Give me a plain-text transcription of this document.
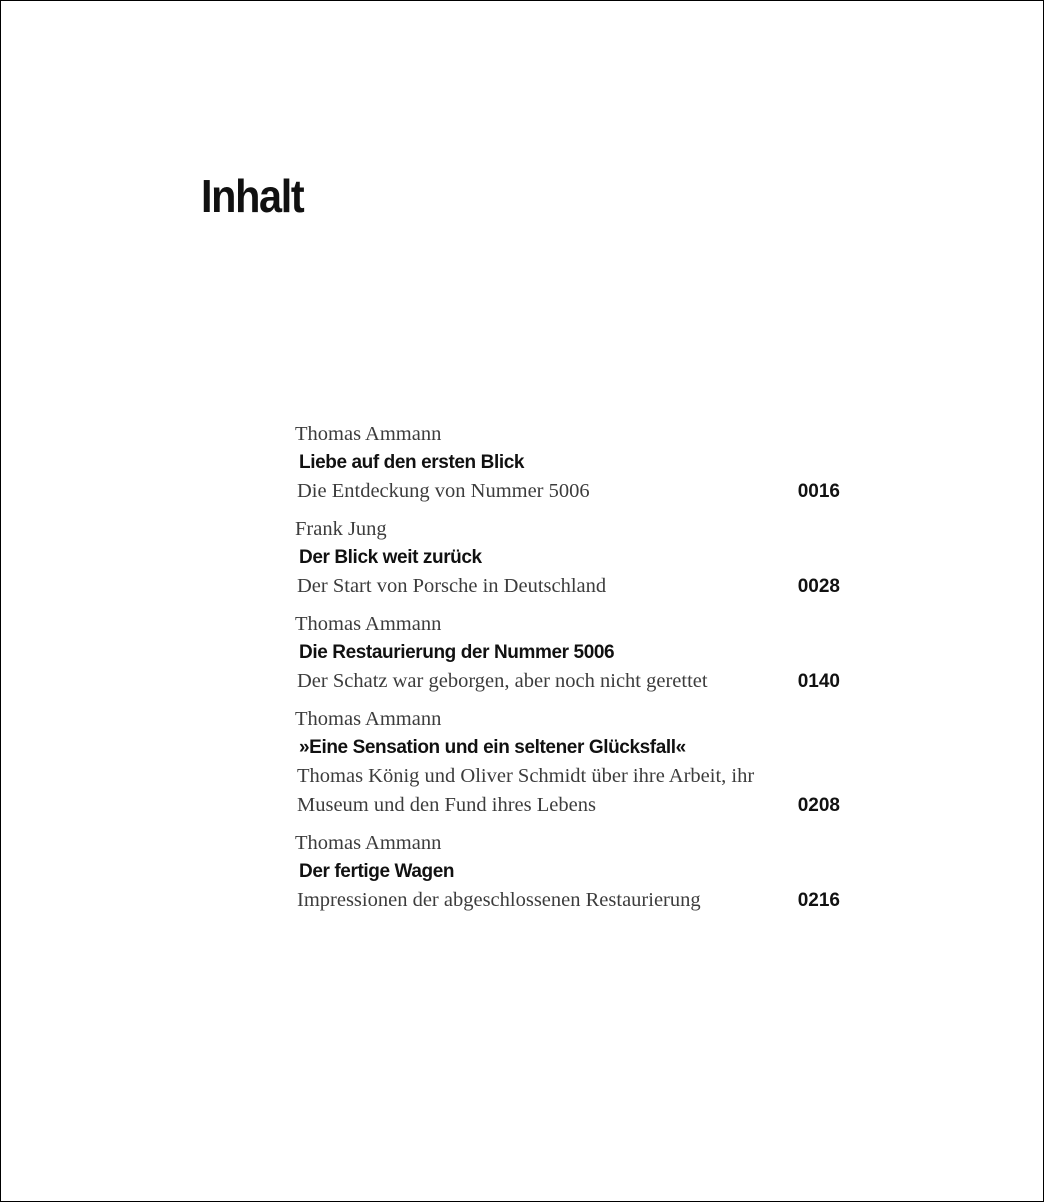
Inhalt
Thomas Ammann
Liebe auf den ersten Blick
Die Entdeckung von Nummer 5006	0016
Frank Jung
Der Blick weit zurück
Der Start von Porsche in Deutschland	0028
Thomas Ammann
Die Restaurierung der Nummer 5006
Der Schatz war geborgen, aber noch nicht gerettet	0140
Thomas Ammann
»Eine Sensation und ein seltener Glücksfall«
Thomas König und Oliver Schmidt über ihre Arbeit, ihr Museum und den Fund ihres Lebens	0208
Thomas Ammann
Der fertige Wagen
Impressionen der abgeschlossenen Restaurierung	0216
